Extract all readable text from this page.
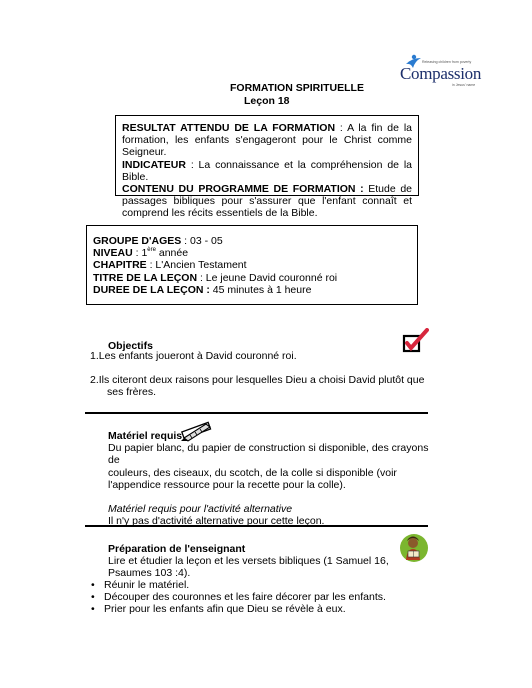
FORMATION SPIRITUELLE
Leçon 18
Releasing children from poverty
Compassion
in Jesus' name

RESULTAT ATTENDU DE LA FORMATION : A la fin de la formation, les enfants s'engageront pour le Christ comme Seigneur.

INDICATEUR : La connaissance et la compréhension de la Bible.

CONTENU DU PROGRAMME DE FORMATION : Etude de passages bibliques pour s'assurer que l'enfant connaît et comprend les récits essentiels de la Bible.

GROUPE D'AGES : 03 - 05

NIVEAU : 1ère année

CHAPITRE : L'Ancien Testament

TITRE DE LA LEÇON : Le jeune David couronné roi

DUREE DE LA LEÇON : 45 minutes à 1 heure

Objectifs
1.Les enfants joueront à David couronné roi.
2.Ils citeront deux raisons pour lesquelles Dieu a choisi David plutôt que
ses frères.
Matériel requis
Du papier blanc, du papier de construction si disponible, des crayons de
couleurs, des ciseaux, du scotch, de la colle si disponible (voir
l'appendice ressource pour la recette pour la colle).
Matériel requis pour l'activité alternative
Il n'y pas d'activité alternative pour cette leçon.
Préparation de l'enseignant
Lire et étudier la leçon et les versets bibliques (1 Samuel 16,
Psaumes 103 :4).
• Réunir le matériel.
• Découper des couronnes et les faire décorer par les enfants.
• Prier pour les enfants afin que Dieu se révèle à eux.
